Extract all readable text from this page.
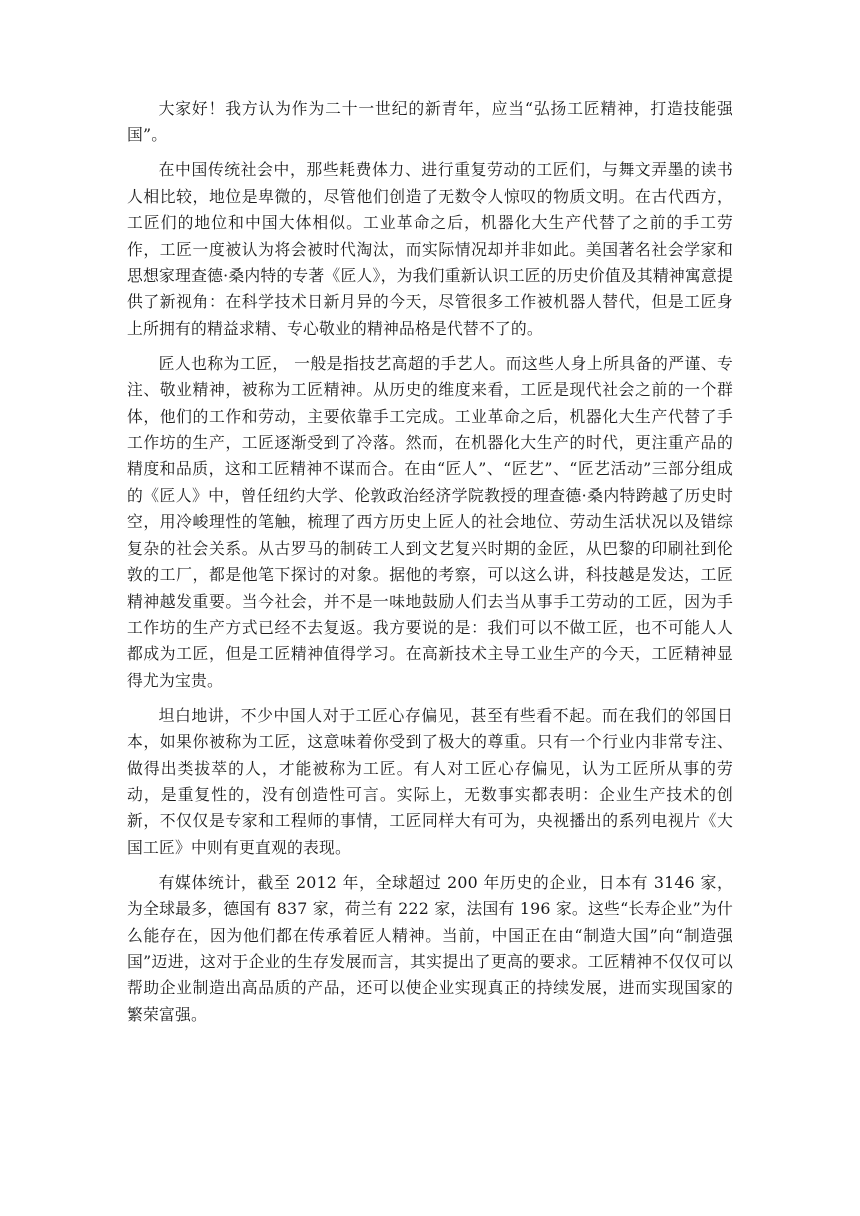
大家好！我方认为作为二十一世纪的新青年，应当“弘扬工匠精神，打造技能强国”。

在中国传统社会中，那些耗费体力、进行重复劳动的工匠们，与舞文弄墨的读书人相比较，地位是卑微的，尽管他们创造了无数令人惊叹的物质文明。在古代西方，工匠们的地位和中国大体相似。工业革命之后，机器化大生产代替了之前的手工劳作，工匠一度被认为将会被时代淘汰，而实际情况却并非如此。美国著名社会学家和思想家理查德·桑内特的专著《匠人》，为我们重新认识工匠的历史价值及其精神寓意提供了新视角：在科学技术日新月异的今天，尽管很多工作被机器人替代，但是工匠身上所拥有的精益求精、专心敬业的精神品格是代替不了的。

匠人也称为工匠， 一般是指技艺高超的手艺人。而这些人身上所具备的严谨、专注、敬业精神，被称为工匠精神。从历史的维度来看，工匠是现代社会之前的一个群体，他们的工作和劳动，主要依靠手工完成。工业革命之后，机器化大生产代替了手工作坊的生产，工匠逐渐受到了冷落。然而，在机器化大生产的时代，更注重产品的精度和品质，这和工匠精神不谋而合。在由“匠人”、“匠艺”、“匠艺活动”三部分组成的《匠人》中，曾任纽约大学、伦敦政治经济学院教授的理查德·桑内特跨越了历史时空，用冷峻理性的笔触，梳理了西方历史上匠人的社会地位、劳动生活状况以及错综复杂的社会关系。从古罗马的制砖工人到文艺复兴时期的金匠，从巴黎的印刷社到伦敦的工厂，都是他笔下探讨的对象。据他的考察，可以这么讲，科技越是发达，工匠精神越发重要。当今社会，并不是一味地鼓励人们去当从事手工劳动的工匠，因为手工作坊的生产方式已经不去复返。我方要说的是：我们可以不做工匠，也不可能人人都成为工匠，但是工匠精神值得学习。在高新技术主导工业生产的今天，工匠精神显得尤为宝贵。

坦白地讲，不少中国人对于工匠心存偏见，甚至有些看不起。而在我们的邻国日本，如果你被称为工匠，这意味着你受到了极大的尊重。只有一个行业内非常专注、做得出类拔萃的人，才能被称为工匠。有人对工匠心存偏见，认为工匠所从事的劳动，是重复性的，没有创造性可言。实际上，无数事实都表明：企业生产技术的创新，不仅仅是专家和工程师的事情，工匠同样大有可为，央视播出的系列电视片《大国工匠》中则有更直观的表现。

有媒体统计，截至 2012 年，全球超过 200 年历史的企业，日本有 3146 家，为全球最多，德国有 837 家，荷兰有 222 家，法国有 196 家。这些“长寿企业”为什么能存在，因为他们都在传承着匠人精神。当前，中国正在由“制造大国”向“制造强国”迈进，这对于企业的生存发展而言，其实提出了更高的要求。工匠精神不仅仅可以帮助企业制造出高品质的产品，还可以使企业实现真正的持续发展，进而实现国家的繁荣富强。
